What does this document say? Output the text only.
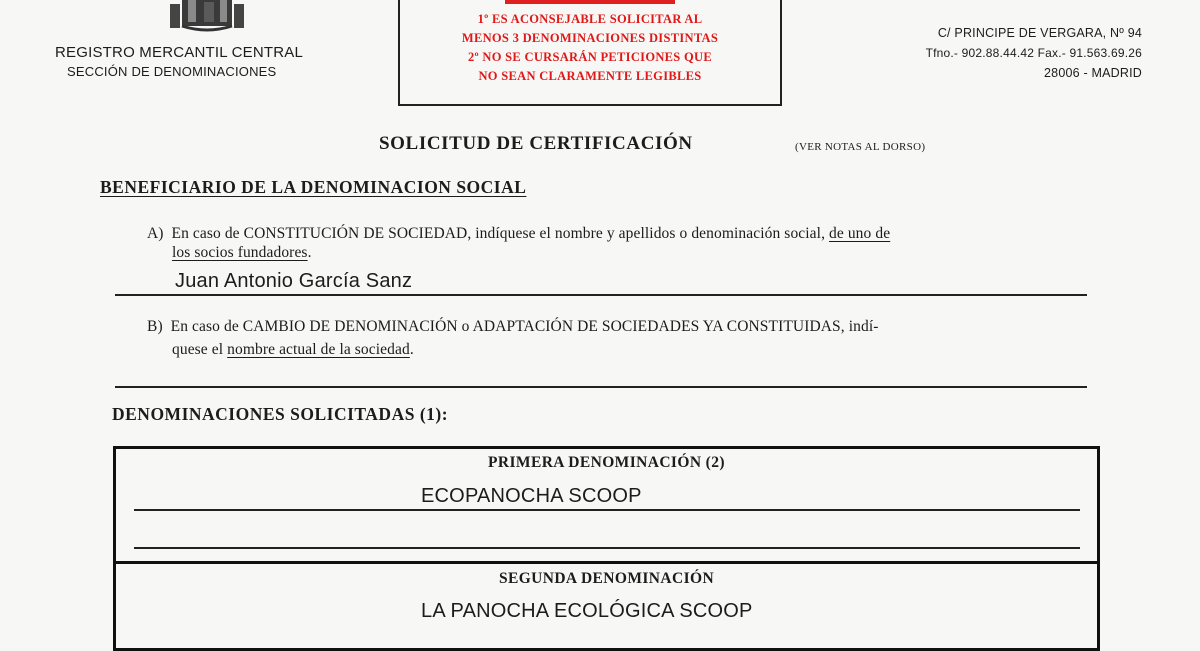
REGISTRO MERCANTIL CENTRAL
SECCIÓN DE DENOMINACIONES
1º ES ACONSEJABLE SOLICITAR AL
MENOS 3 DENOMINACIONES DISTINTAS
2º NO SE CURSARÁN PETICIONES QUE
NO SEAN CLARAMENTE LEGIBLES
C/ PRINCIPE DE VERGARA, Nº 94
Tfno.- 902.88.44.42 Fax.- 91.563.69.26
28006 - MADRID
SOLICITUD DE CERTIFICACIÓN	(VER NOTAS AL DORSO)
BENEFICIARIO DE LA DENOMINACION SOCIAL
A) En caso de CONSTITUCIÓN DE SOCIEDAD, indíquese el nombre y apellidos o denominación social, de uno de
los socios fundadores.
Juan Antonio García Sanz
B) En caso de CAMBIO DE DENOMINACIÓN o ADAPTACIÓN DE SOCIEDADES YA CONSTITUIDAS, indí-
quese el nombre actual de la sociedad.
DENOMINACIONES SOLICITADAS (1):
PRIMERA DENOMINACIÓN (2)
ECOPANOCHA SCOOP
SEGUNDA DENOMINACIÓN
LA PANOCHA ECOLÓGICA SCOOP
